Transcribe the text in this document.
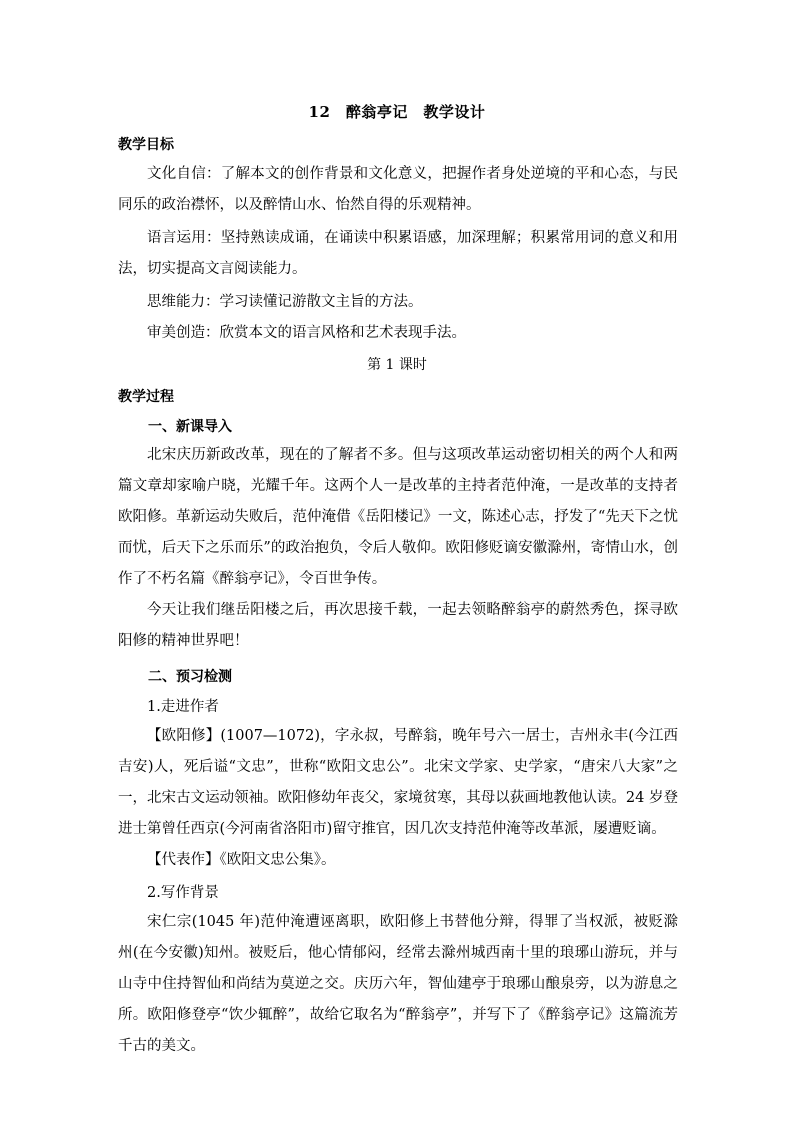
12　醉翁亭记　教学设计
教学目标
文化自信：了解本文的创作背景和文化意义，把握作者身处逆境的平和心态，与民同乐的政治襟怀，以及醉情山水、怡然自得的乐观精神。
语言运用：坚持熟读成诵，在诵读中积累语感，加深理解；积累常用词的意义和用法，切实提高文言阅读能力。
思维能力：学习读懂记游散文主旨的方法。
审美创造：欣赏本文的语言风格和艺术表现手法。
第 1 课时
教学过程
一、新课导入
北宋庆历新政改革，现在的了解者不多。但与这项改革运动密切相关的两个人和两篇文章却家喻户晓，光耀千年。这两个人一是改革的主持者范仲淹，一是改革的支持者欧阳修。革新运动失败后，范仲淹借《岳阳楼记》一文，陈述心志，抒发了“先天下之忧而忧，后天下之乐而乐”的政治抱负，令后人敬仰。欧阳修贬谪安徽滁州，寄情山水，创作了不朽名篇《醉翁亭记》，令百世争传。
今天让我们继岳阳楼之后，再次思接千载，一起去领略醉翁亭的蔚然秀色，探寻欧阳修的精神世界吧！
二、预习检测
1.走进作者
【欧阳修】(1007—1072)，字永叔，号醉翁，晚年号六一居士，吉州永丰(今江西吉安)人，死后谥“文忠”，世称“欧阳文忠公”。北宋文学家、史学家，“唐宋八大家”之一，北宋古文运动领袖。欧阳修幼年丧父，家境贫寒，其母以荻画地教他认读。24 岁登进士第曾任西京(今河南省洛阳市)留守推官，因几次支持范仲淹等改革派，屡遭贬谪。
【代表作】《欧阳文忠公集》。
2.写作背景
宋仁宗(1045 年)范仲淹遭诬离职，欧阳修上书替他分辩，得罪了当权派，被贬滁州(在今安徽)知州。被贬后，他心情郁闷，经常去滁州城西南十里的琅琊山游玩，并与山寺中住持智仙和尚结为莫逆之交。庆历六年，智仙建亭于琅琊山酿泉旁，以为游息之所。欧阳修登亭“饮少辄醉”，故给它取名为“醉翁亭”，并写下了《醉翁亭记》这篇流芳千古的美文。
